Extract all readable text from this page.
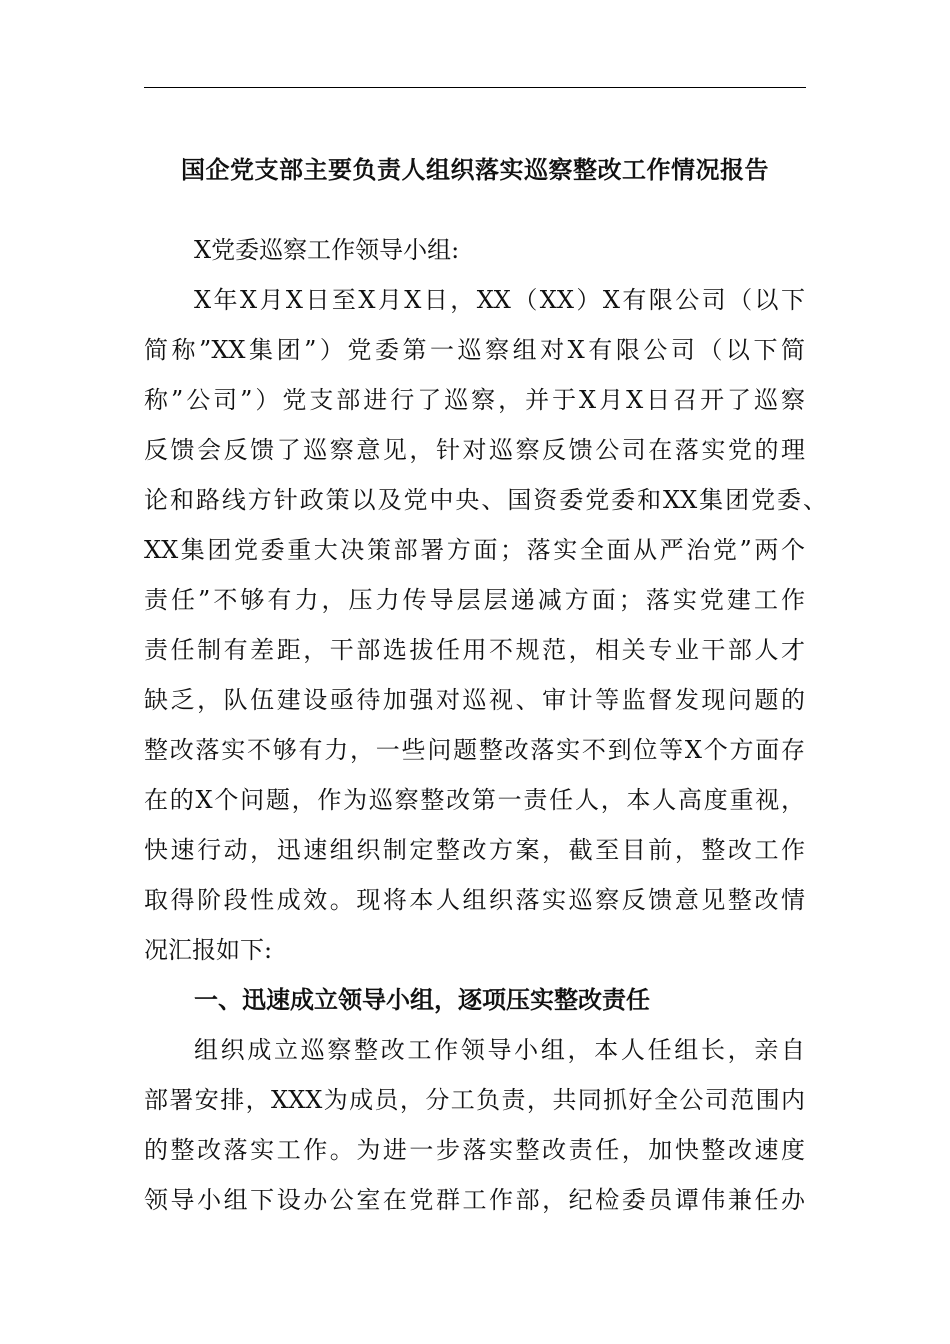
国企党支部主要负责人组织落实巡察整改工作情况报告
X党委巡察工作领导小组:
X年X月X日至X月X日，XX（XX）X有限公司（以下
简称”XX集团”）党委第一巡察组对X有限公司（以下简
称”公司”）党支部进行了巡察，并于X月X日召开了巡察
反馈会反馈了巡察意见，针对巡察反馈公司在落实党的理
论和路线方针政策以及党中央、国资委党委和XX集团党委、
XX集团党委重大决策部署方面；落实全面从严治党”两个
责任”不够有力，压力传导层层递减方面；落实党建工作
责任制有差距，干部选拔任用不规范，相关专业干部人才
缺乏，队伍建设亟待加强对巡视、审计等监督发现问题的
整改落实不够有力，一些问题整改落实不到位等X个方面存
在的X个问题，作为巡察整改第一责任人，本人高度重视，
快速行动，迅速组织制定整改方案，截至目前，整改工作
取得阶段性成效。现将本人组织落实巡察反馈意见整改情
况汇报如下:
一、迅速成立领导小组，逐项压实整改责任
组织成立巡察整改工作领导小组，本人任组长，亲自
部署安排，XXX为成员，分工负责，共同抓好全公司范围内
的整改落实工作。为进一步落实整改责任，加快整改速度
领导小组下设办公室在党群工作部，纪检委员谭伟兼任办
